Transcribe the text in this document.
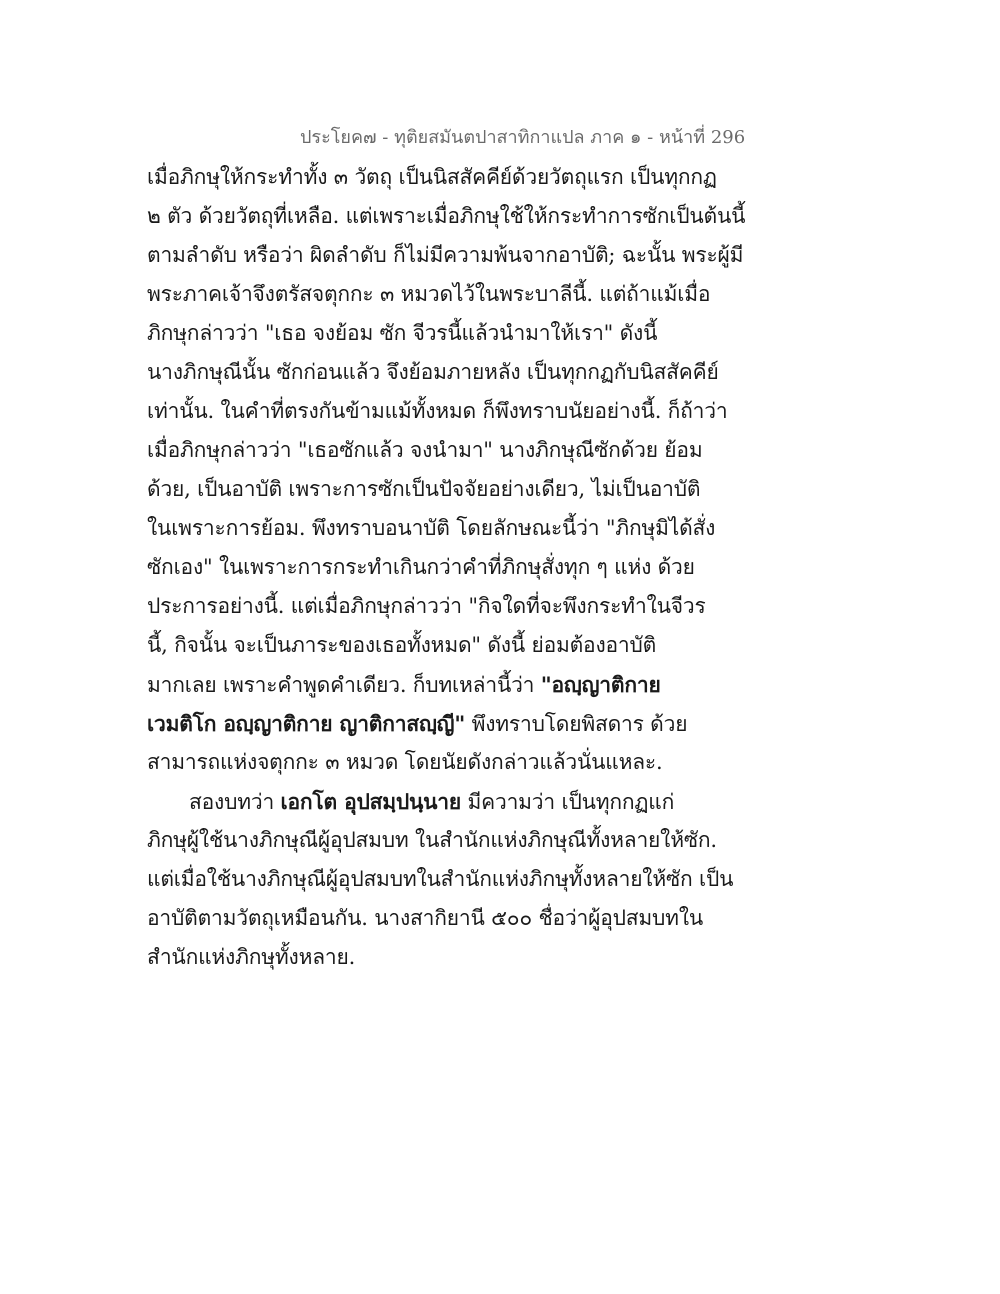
ประโยค๗ - ทุติยสมันตปาสาทิกาแปล ภาค ๑ - หน้าที่ 296
เมื่อภิกษุให้กระทำทั้ง ๓ วัตถุ เป็นนิสสัคคีย์ด้วยวัตถุแรก เป็นทุกกฏ
๒ ตัว ด้วยวัตถุที่เหลือ. แต่เพราะเมื่อภิกษุใช้ให้กระทำการซักเป็นต้นนี้
ตามลำดับ หรือว่า ผิดลำดับ ก็ไม่มีความพ้นจากอาบัติ; ฉะนั้น พระผู้มี
พระภาคเจ้าจึงตรัสจตุกกะ ๓ หมวดไว้ในพระบาลีนี้. แต่ถ้าแม้เมื่อ
ภิกษุกล่าวว่า "เธอ จงย้อม ซัก จีวรนี้แล้วนำมาให้เรา" ดังนี้
นางภิกษุณีนั้น ซักก่อนแล้ว จึงย้อมภายหลัง เป็นทุกกฏกับนิสสัคคีย์
เท่านั้น. ในคำที่ตรงกันข้ามแม้ทั้งหมด ก็พึงทราบนัยอย่างนี้. ก็ถ้าว่า
เมื่อภิกษุกล่าวว่า "เธอซักแล้ว จงนำมา" นางภิกษุณีซักด้วย ย้อม
ด้วย, เป็นอาบัติ เพราะการซักเป็นปัจจัยอย่างเดียว, ไม่เป็นอาบัติ
ในเพราะการย้อม. พึงทราบอนาบัติ โดยลักษณะนี้ว่า "ภิกษุมิได้สั่ง
ซักเอง" ในเพราะการกระทำเกินกว่าคำที่ภิกษุสั่งทุก ๆ แห่ง ด้วย
ประการอย่างนี้. แต่เมื่อภิกษุกล่าวว่า "กิจใดที่จะพึงกระทำในจีวร
นี้, กิจนั้น จะเป็นภาระของเธอทั้งหมด" ดังนี้ ย่อมต้องอาบัติ
มากเลย เพราะคำพูดคำเดียว. ก็บทเหล่านี้ว่า "อญฺญาติกาย
เวมติโก อญฺญาติกาย ญาติกาสญฺญี" พึงทราบโดยพิสดาร ด้วย
สามารถแห่งจตุกกะ ๓ หมวด โดยนัยดังกล่าวแล้วนั่นแหละ.
สองบทว่า เอกโต อุปสมฺปนฺนาย มีความว่า เป็นทุกกฏแก่
ภิกษุผู้ใช้นางภิกษุณีผู้อุปสมบท ในสำนักแห่งภิกษุณีทั้งหลายให้ซัก.
แต่เมื่อใช้นางภิกษุณีผู้อุปสมบทในสำนักแห่งภิกษุทั้งหลายให้ซัก เป็น
อาบัติตามวัตถุเหมือนกัน. นางสากิยานี ๕๐๐ ชื่อว่าผู้อุปสมบทใน
สำนักแห่งภิกษุทั้งหลาย.
